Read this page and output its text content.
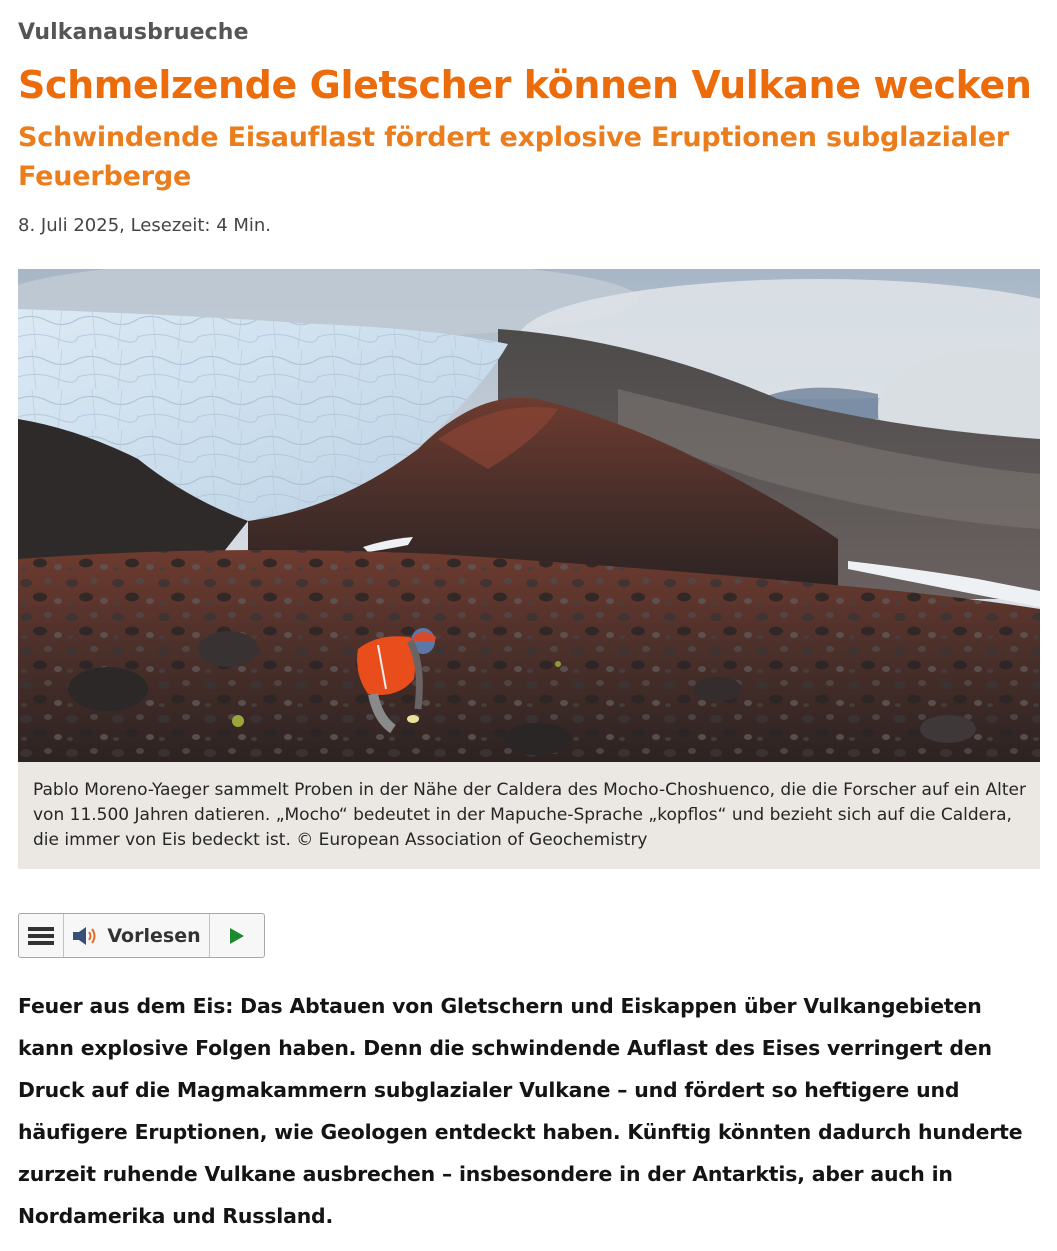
Vulkanausbrueche
Schmelzende Gletscher können Vulkane wecken
Schwindende Eisauflast fördert explosive Eruptionen subglazialer Feuerberge
8. Juli 2025, Lesezeit: 4 Min.
Pablo Moreno-Yaeger sammelt Proben in der Nähe der Caldera des Mocho-Choshuenco, die die Forscher auf ein Alter von 11.500 Jahren datieren. „Mocho“ bedeutet in der Mapuche-Sprache „kopflos“ und bezieht sich auf die Caldera, die immer von Eis bedeckt ist. © European Association of Geochemistry
Vorlesen

Feuer aus dem Eis: Das Abtauen von Gletschern und Eiskappen über Vulkangebieten kann explosive Folgen haben. Denn die schwindende Auflast des Eises verringert den Druck auf die Magmakammern subglazialer Vulkane – und fördert so heftigere und häufigere Eruptionen, wie Geologen entdeckt haben. Künftig könnten dadurch hunderte zurzeit ruhende Vulkane ausbrechen – insbesondere in der Antarktis, aber auch in Nordamerika und Russland.
